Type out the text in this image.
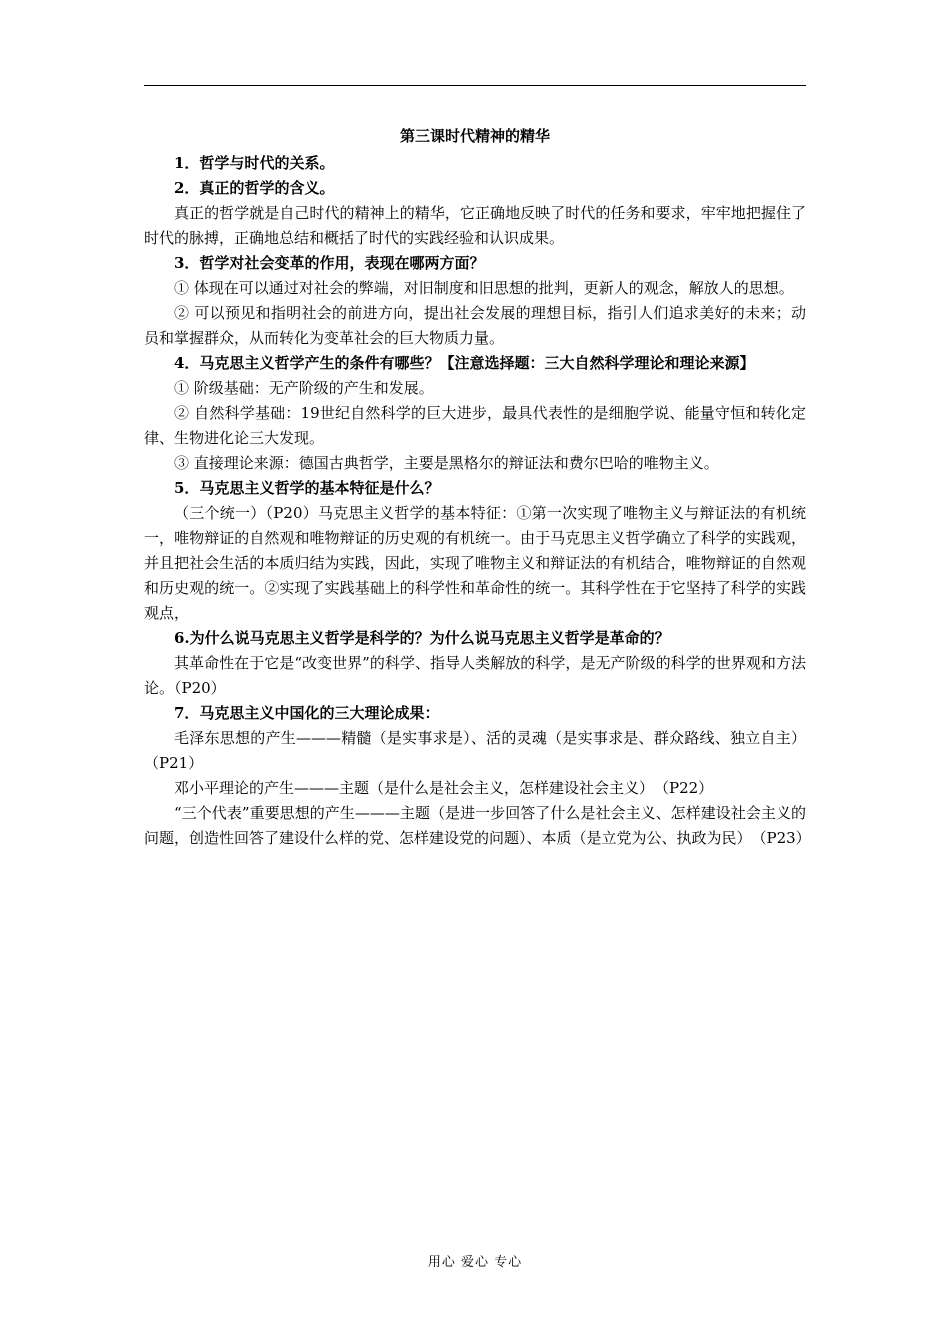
第三课时代精神的精华
1．哲学与时代的关系。
2．真正的哲学的含义。
真正的哲学就是自己时代的精神上的精华，它正确地反映了时代的任务和要求，牢牢地把握住了时代的脉搏，正确地总结和概括了时代的实践经验和认识成果。
3．哲学对社会变革的作用，表现在哪两方面？
① 体现在可以通过对社会的弊端，对旧制度和旧思想的批判，更新人的观念，解放人的思想。
② 可以预见和指明社会的前进方向，提出社会发展的理想目标，指引人们追求美好的未来；动员和掌握群众，从而转化为变革社会的巨大物质力量。
4．马克思主义哲学产生的条件有哪些？【注意选择题：三大自然科学理论和理论来源】
① 阶级基础：无产阶级的产生和发展。
② 自然科学基础：19世纪自然科学的巨大进步，最具代表性的是细胞学说、能量守恒和转化定律、生物进化论三大发现。
③ 直接理论来源：德国古典哲学，主要是黑格尔的辩证法和费尔巴哈的唯物主义。
5．马克思主义哲学的基本特征是什么？
（三个统一）（P20）马克思主义哲学的基本特征：①第一次实现了唯物主义与辩证法的有机统一，唯物辩证的自然观和唯物辩证的历史观的有机统一。由于马克思主义哲学确立了科学的实践观，并且把社会生活的本质归结为实践，因此，实现了唯物主义和辩证法的有机结合，唯物辩证的自然观和历史观的统一。②实现了实践基础上的科学性和革命性的统一。其科学性在于它坚持了科学的实践观点，
6.为什么说马克思主义哲学是科学的？为什么说马克思主义哲学是革命的？
其革命性在于它是“改变世界”的科学、指导人类解放的科学，是无产阶级的科学的世界观和方法论。（P20）
7．马克思主义中国化的三大理论成果：
毛泽东思想的产生———精髓（是实事求是）、活的灵魂（是实事求是、群众路线、独立自主）（P21）
邓小平理论的产生———主题（是什么是社会主义，怎样建设社会主义）　（P22）
“三个代表”重要思想的产生———主题（是进一步回答了什么是社会主义、怎样建设社会主义的问题，创造性回答了建设什么样的党、怎样建设党的问题）、本质（是立党为公、执政为民）　（P23）
用心 爱心 专心
